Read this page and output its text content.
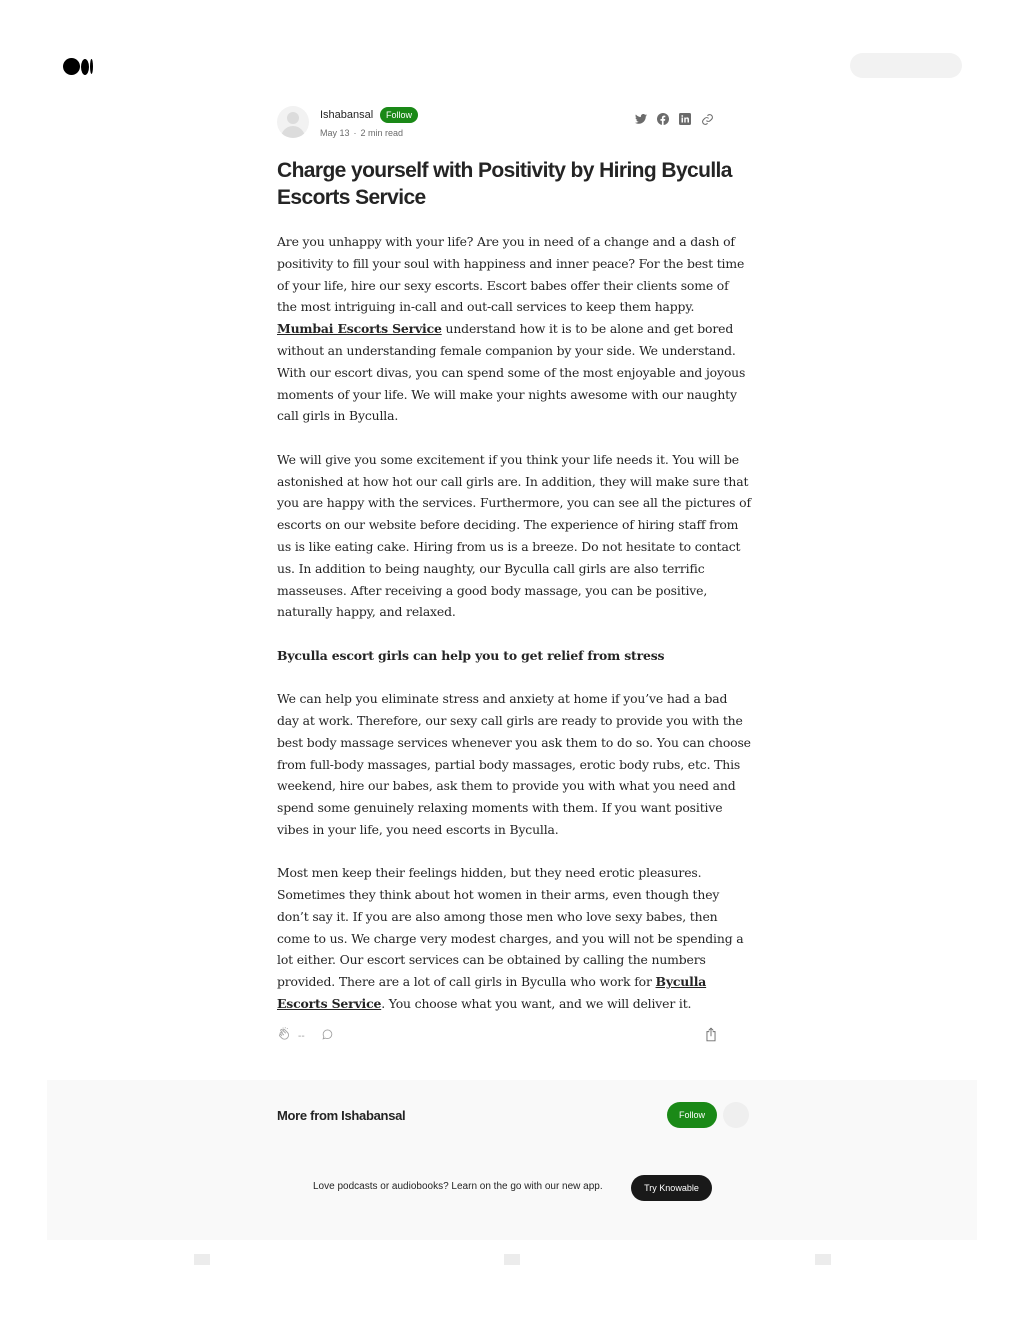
Ishabansal	Follow
May 13 · 2 min read
Charge yourself with Positivity by Hiring Byculla Escorts Service

Are you unhappy with your life? Are you in need of a change and a dash of positivity to fill your soul with happiness and inner peace? For the best time of your life, hire our sexy escorts. Escort babes offer their clients some of the most intriguing in-call and out-call services to keep them happy. Mumbai Escorts Service understand how it is to be alone and get bored without an understanding female companion by your side. We understand. With our escort divas, you can spend some of the most enjoyable and joyous moments of your life. We will make your nights awesome with our naughty call girls in Byculla.

We will give you some excitement if you think your life needs it. You will be astonished at how hot our call girls are. In addition, they will make sure that you are happy with the services. Furthermore, you can see all the pictures of escorts on our website before deciding. The experience of hiring staff from us is like eating cake. Hiring from us is a breeze. Do not hesitate to contact us. In addition to being naughty, our Byculla call girls are also terrific masseuses. After receiving a good body massage, you can be positive, naturally happy, and relaxed.

Byculla escort girls can help you to get relief from stress

We can help you eliminate stress and anxiety at home if you’ve had a bad day at work. Therefore, our sexy call girls are ready to provide you with the best body massage services whenever you ask them to do so. You can choose from full-body massages, partial body massages, erotic body rubs, etc. This weekend, hire our babes, ask them to provide you with what you need and spend some genuinely relaxing moments with them. If you want positive vibes in your life, you need escorts in Byculla.

Most men keep their feelings hidden, but they need erotic pleasures. Sometimes they think about hot women in their arms, even though they don’t say it. If you are also among those men who love sexy babes, then come to us. We charge very modest charges, and you will not be spending a lot either. Our escort services can be obtained by calling the numbers provided. There are a lot of call girls in Byculla who work for Byculla Escorts Service. You choose what you want, and we will deliver it.

--
More from Ishabansal	Follow
Love podcasts or audiobooks? Learn on the go with our new app.	Try Knowable
